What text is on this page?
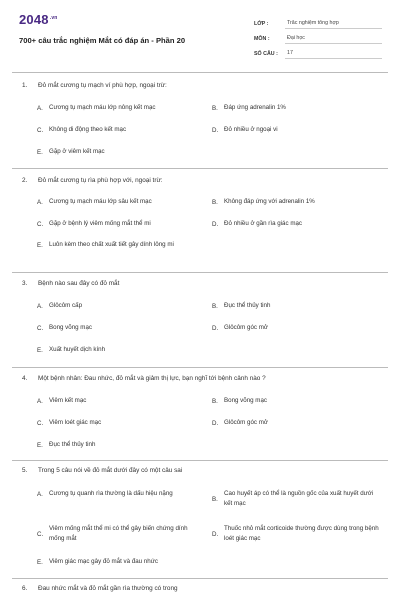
$2048^{.vn}$
700+ câu trắc nghiệm Mắt có đáp án - Phần 20
LỚP :	Trắc nghiệm tổng hợp
MÔN :	Đại học
SỐ CÂU :	17
1. Đỏ mắt cương tụ mạch ví phù hợp, ngoại trừ:
A. Cương tụ mạch máu lớp nông kết mạc	B. Đáp ứng adrenalin 1%
C. Không di động theo kết mạc	D. Đỏ nhiều ở ngoại vi
E. Gặp ở viêm kết mạc
2. Đỏ mắt cương tụ rìa phù hợp với, ngoại trừ:
A. Cương tụ mạch máu lớp sâu kết mạc	B. Không đáp ứng với adrenalin 1%
C. Gặp ở bệnh lý viêm mống mắt thể mi	D. Đỏ nhiều ở gần rìa giác mạc
E. Luôn kèm theo chất xuất tiết gây dính lông mi
3. Bệnh nào sau đây có đỏ mắt
A. Glôcôm cấp	B. Đục thể thủy tinh
C. Bong võng mạc	D. Glôcôm góc mở
E. Xuất huyết dịch kính
4. Một bệnh nhân: Đau nhức, đỏ mắt và giảm thị lực, bạn nghĩ tới bệnh cảnh nào ?
A. Viêm kết mạc	B. Bong võng mạc
C. Viêm loét giác mạc	D. Glôcôm góc mở
E. Đục thể thủy tinh
5. Trong 5 câu nói về đỏ mắt dưới đây có một câu sai
A. Cương tụ quanh rìa thường là dấu hiệu nặng
B.
Cao huyết áp có thể là nguồn gốc của xuất huyết dưới kết mạc
C.
Viêm mống mắt thể mi có thể gây biến chứng dính mống mắt
D.
Thuốc nhỏ mắt corticoide thường được dùng trong bệnh loét giác mạc
E. Viêm giác mạc gây đỏ mắt và đau nhức
6. Đau nhức mắt và đỏ mắt gần rìa thường có trong
